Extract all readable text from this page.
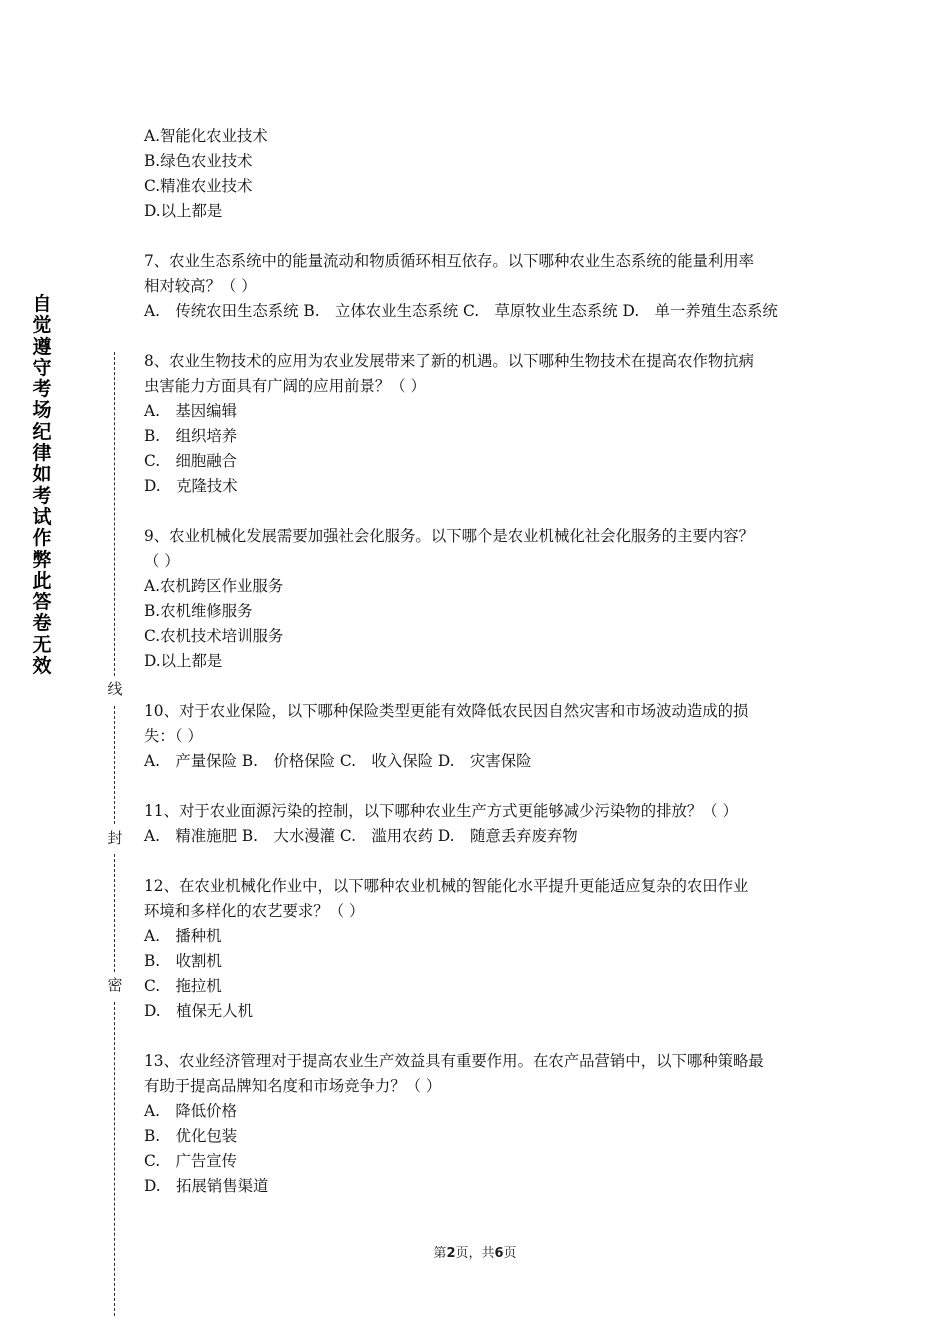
自觉遵守考场纪律如考试作弊此答卷无效
线
封
密
A.智能化农业技术
B.绿色农业技术
C.精准农业技术
D.以上都是
7、农业生态系统中的能量流动和物质循环相互依存。以下哪种农业生态系统的能量利用率
相对较高？（ ）
A.　传统农田生态系统 B.　立体农业生态系统 C.　草原牧业生态系统 D.　单一养殖生态系统
8、农业生物技术的应用为农业发展带来了新的机遇。以下哪种生物技术在提高农作物抗病
虫害能力方面具有广阔的应用前景？（ ）
A.　基因编辑
B.　组织培养
C.　细胞融合
D.　克隆技术
9、农业机械化发展需要加强社会化服务。以下哪个是农业机械化社会化服务的主要内容？
（ ）
A.农机跨区作业服务
B.农机维修服务
C.农机技术培训服务
D.以上都是
10、对于农业保险，以下哪种保险类型更能有效降低农民因自然灾害和市场波动造成的损
失：（ ）
A.　产量保险 B.　价格保险 C.　收入保险 D.　灾害保险
11、对于农业面源污染的控制，以下哪种农业生产方式更能够减少污染物的排放？（ ）
A.　精准施肥 B.　大水漫灌 C.　滥用农药 D.　随意丢弃废弃物
12、在农业机械化作业中，以下哪种农业机械的智能化水平提升更能适应复杂的农田作业
环境和多样化的农艺要求？（ ）
A.　播种机
B.　收割机
C.　拖拉机
D.　植保无人机
13、农业经济管理对于提高农业生产效益具有重要作用。在农产品营销中，以下哪种策略最
有助于提高品牌知名度和市场竞争力？（ ）
A.　降低价格
B.　优化包装
C.　广告宣传
D.　拓展销售渠道
第2页，共6页
